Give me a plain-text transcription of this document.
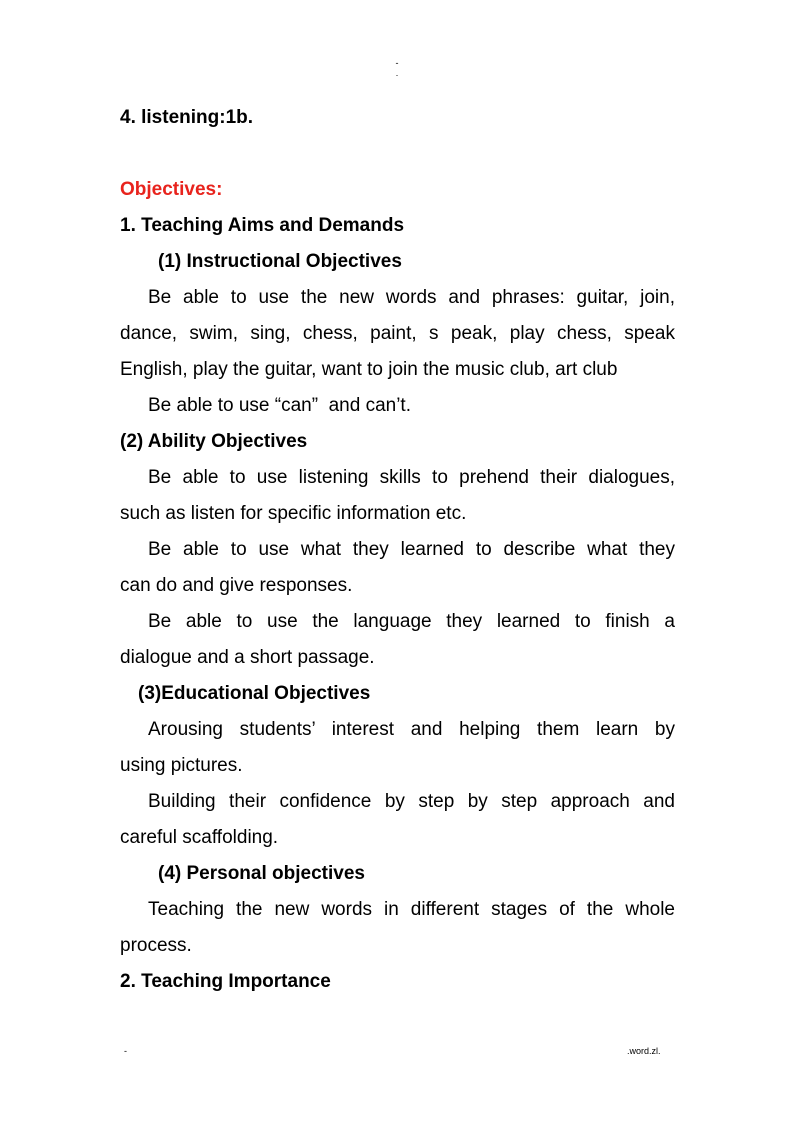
-
.
4. listening:1b.
Objectives:
1. Teaching Aims and Demands
(1) Instructional Objectives
Be able to use the new words and phrases: guitar, join,
dance, swim, sing, chess, paint, s peak, play chess, speak
English, play the guitar, want to join the music club, art club
Be able to use “can”  and can’t.
(2) Ability Objectives
Be able to use listening skills to prehend their dialogues,
such as listen for specific information etc.
Be able to use what they learned to describe what they
can do and give responses.
Be able to use the language they learned to finish a
dialogue and a short passage.
(3)Educational Objectives
Arousing students’ interest and helping them learn by
using pictures.
Building their confidence by step by step approach and
careful scaffolding.
(4) Personal objectives
Teaching the new words in different stages of the whole
process.
2. Teaching Importance
-	.word.zl.
